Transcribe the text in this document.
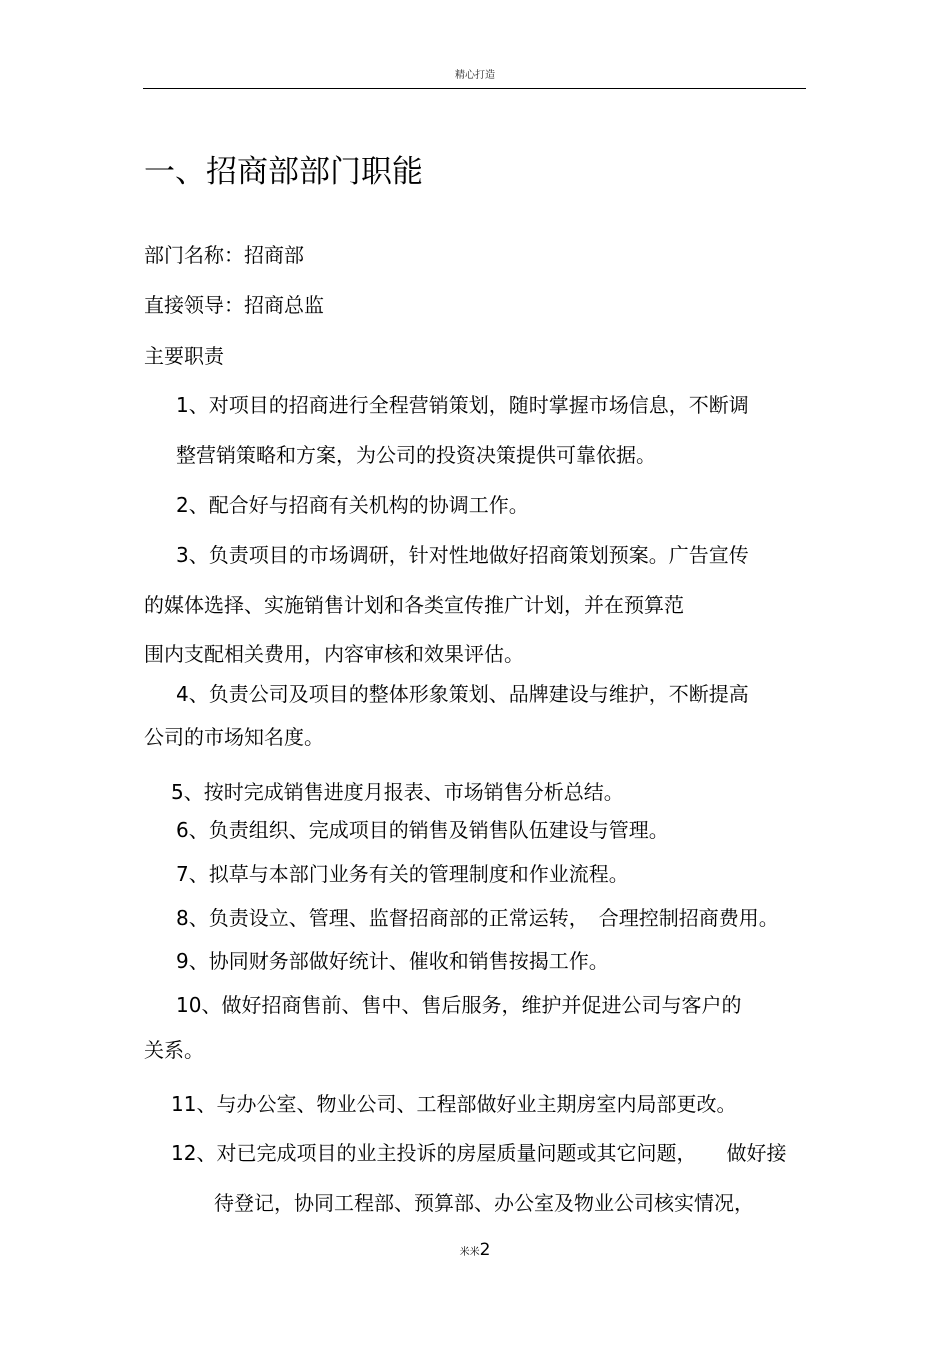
精心打造
一、招商部部门职能
部门名称：招商部
直接领导：招商总监
主要职责
1、对项目的招商进行全程营销策划，随时掌握市场信息，不断调
整营销策略和方案，为公司的投资决策提供可靠依据。
2、配合好与招商有关机构的协调工作。
3、负责项目的市场调研，针对性地做好招商策划预案。广告宣传
的媒体选择、实施销售计划和各类宣传推广计划，并在预算范
围内支配相关费用，内容审核和效果评估。
4、负责公司及项目的整体形象策划、品牌建设与维护，不断提高
公司的市场知名度。
5、按时完成销售进度月报表、市场销售分析总结。
6、负责组织、完成项目的销售及销售队伍建设与管理。
7、拟草与本部门业务有关的管理制度和作业流程。
8、负责设立、管理、监督招商部的正常运转，　合理控制招商费用。
9、协同财务部做好统计、催收和销售按揭工作。
10、做好招商售前、售中、售后服务，维护并促进公司与客户的
关系。
11、与办公室、物业公司、工程部做好业主期房室内局部更改。
12、对已完成项目的业主投诉的房屋质量问题或其它问题，　　做好接
待登记，协同工程部、预算部、办公室及物业公司核实情况，
米米2
